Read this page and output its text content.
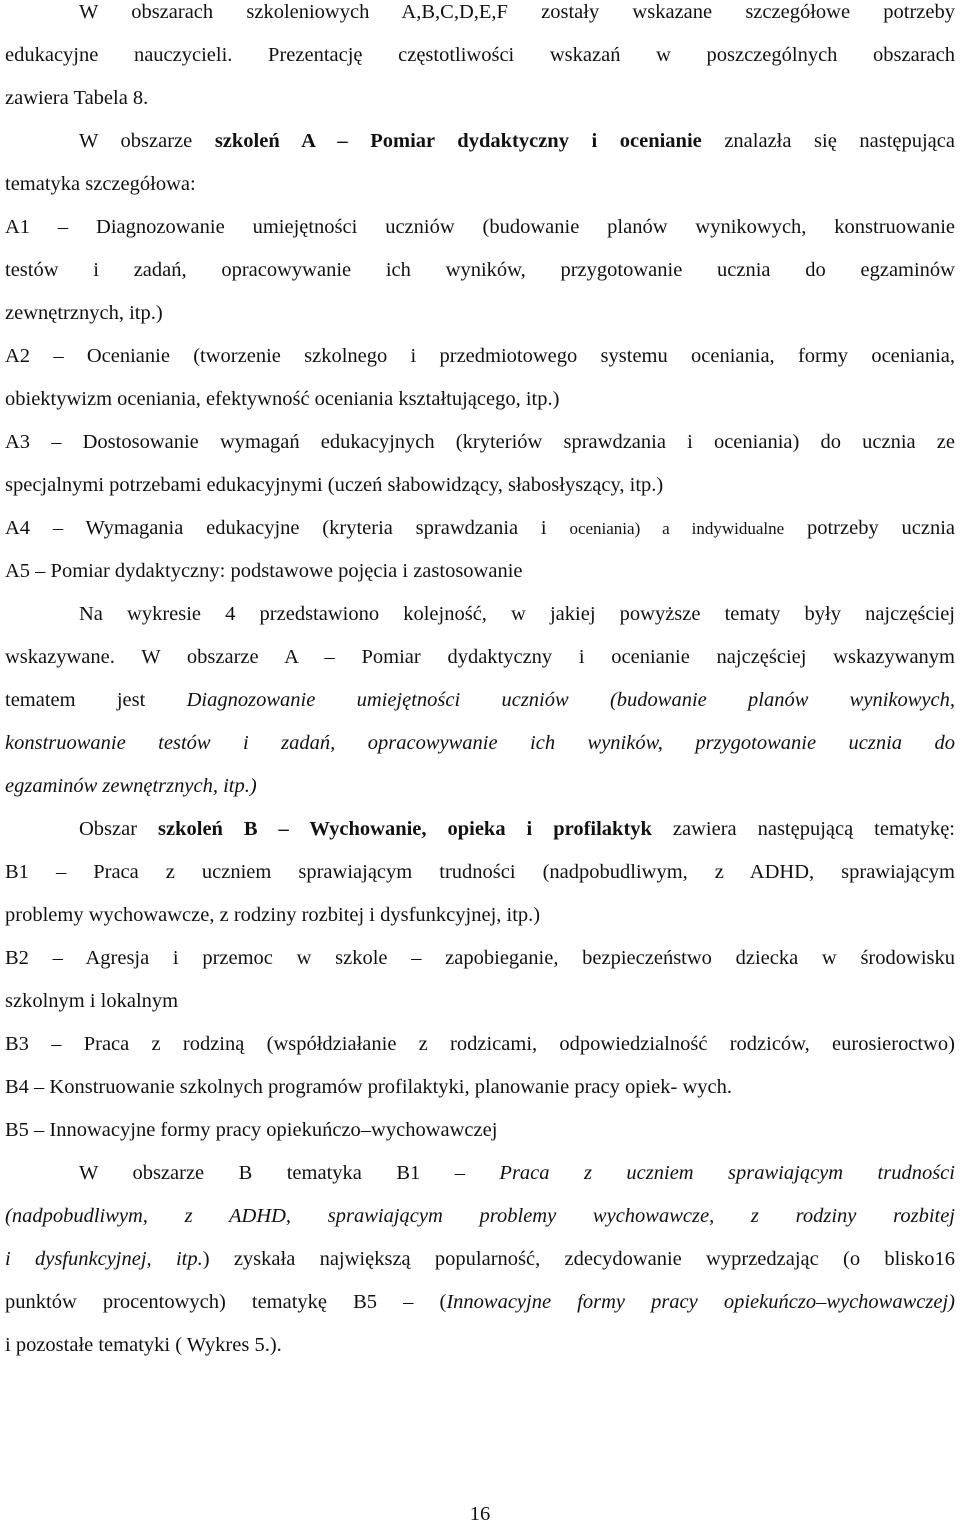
W obszarach szkoleniowych A,B,C,D,E,F zostały wskazane szczegółowe potrzeby
edukacyjne nauczycieli. Prezentację częstotliwości wskazań w poszczególnych obszarach
zawiera Tabela 8.
W obszarze szkoleń A – Pomiar dydaktyczny i ocenianie znalazła się następująca
tematyka szczegółowa:
A1 – Diagnozowanie umiejętności uczniów (budowanie planów wynikowych, konstruowanie
testów i zadań, opracowywanie ich wyników, przygotowanie ucznia do egzaminów
zewnętrznych, itp.)
A2 – Ocenianie (tworzenie szkolnego i przedmiotowego systemu oceniania, formy oceniania,
obiektywizm oceniania, efektywność oceniania kształtującego, itp.)
A3 – Dostosowanie wymagań edukacyjnych (kryteriów sprawdzania i oceniania) do ucznia ze
specjalnymi potrzebami edukacyjnymi (uczeń słabowidzący, słabosłyszący, itp.)
A4 – Wymagania edukacyjne (kryteria sprawdzania i oceniania) a indywidualne potrzeby ucznia
A5 – Pomiar dydaktyczny: podstawowe pojęcia i zastosowanie
Na wykresie 4 przedstawiono kolejność, w jakiej powyższe tematy były najczęściej
wskazywane. W obszarze A – Pomiar dydaktyczny i ocenianie najczęściej wskazywanym
tematem jest Diagnozowanie umiejętności uczniów (budowanie planów wynikowych,
konstruowanie testów i zadań, opracowywanie ich wyników, przygotowanie ucznia do
egzaminów zewnętrznych, itp.)
Obszar szkoleń B – Wychowanie, opieka i profilaktyk zawiera następującą tematykę:
B1 – Praca z uczniem sprawiającym trudności (nadpobudliwym, z ADHD, sprawiającym
problemy wychowawcze, z rodziny rozbitej i dysfunkcyjnej, itp.)
B2 – Agresja i przemoc w szkole – zapobieganie, bezpieczeństwo dziecka w środowisku
szkolnym i lokalnym
B3 – Praca z rodziną (współdziałanie z rodzicami, odpowiedzialność rodziców, eurosieroctwo)
B4 – Konstruowanie szkolnych programów profilaktyki, planowanie pracy opiek- wych.
B5 – Innowacyjne formy pracy opiekuńczo–wychowawczej
W obszarze B tematyka B1 – Praca z uczniem sprawiającym trudności
(nadpobudliwym, z ADHD, sprawiającym problemy wychowawcze, z rodziny rozbitej
i dysfunkcyjnej, itp.) zyskała największą popularność, zdecydowanie wyprzedzając (o blisko16
punktów procentowych) tematykę B5 – (Innowacyjne formy pracy opiekuńczo–wychowawczej)
i pozostałe tematyki ( Wykres 5.).
16
